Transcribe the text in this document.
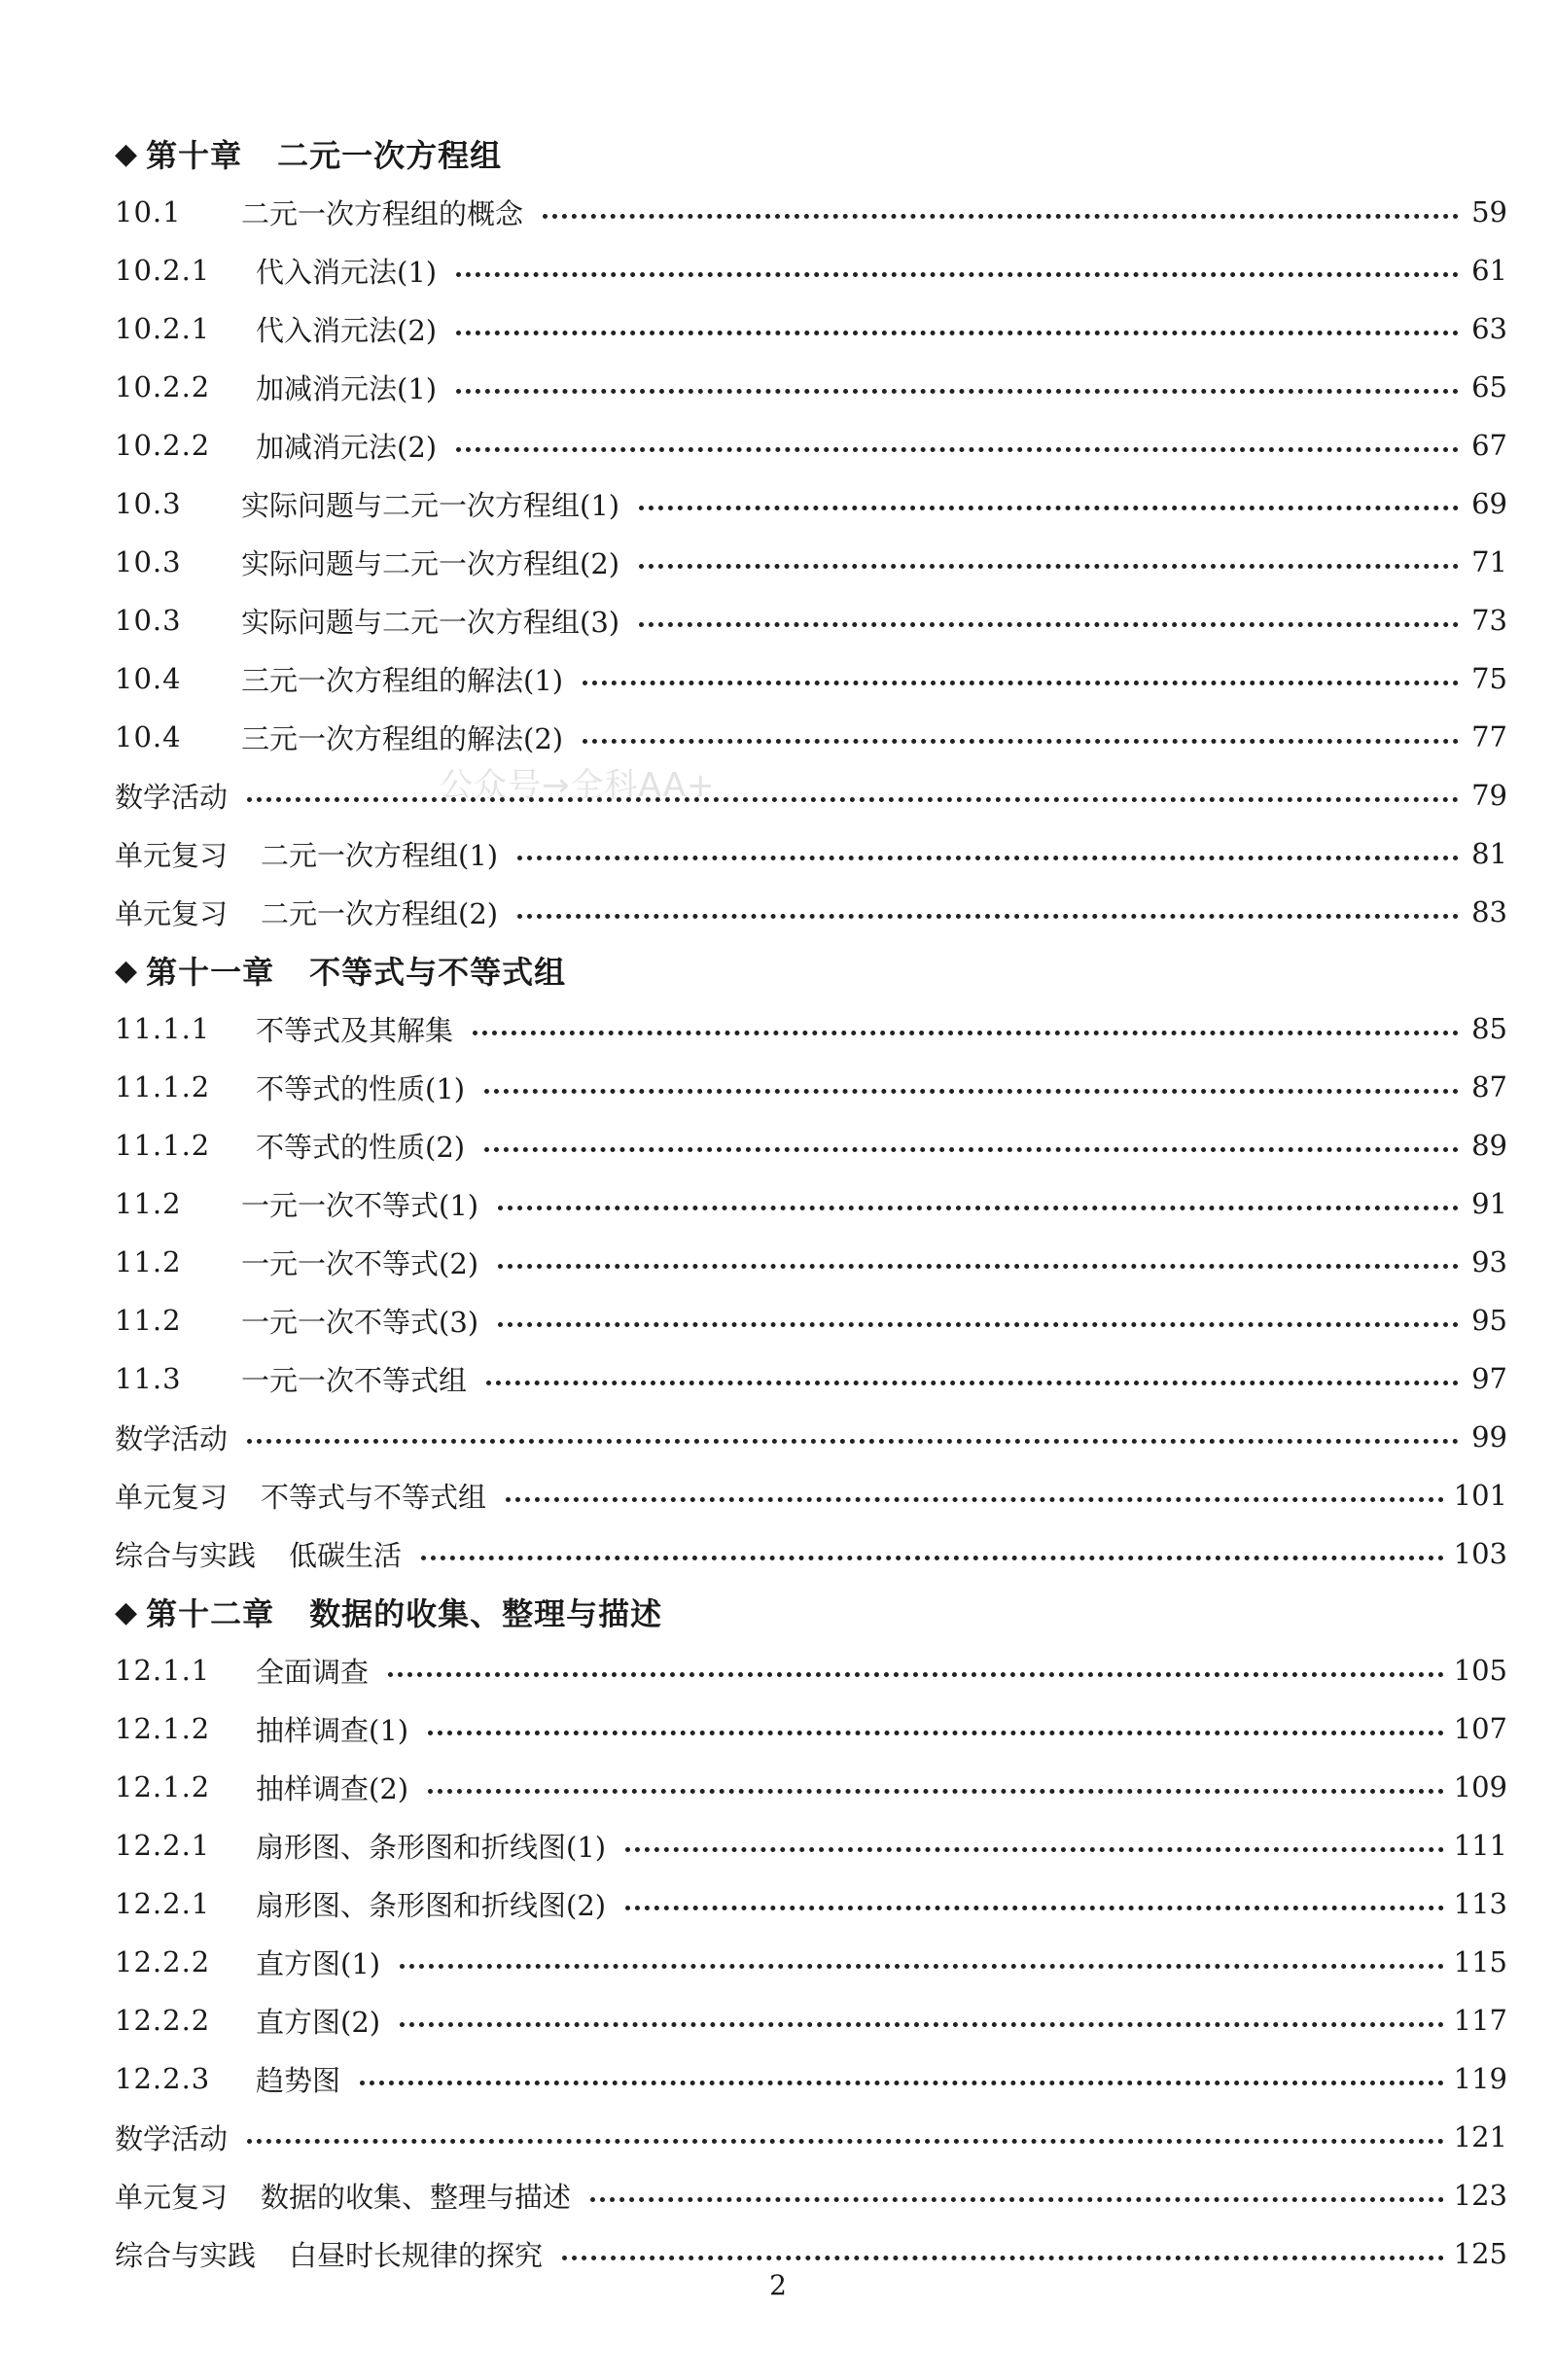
公众号→全科AA+
◆ 第十章 二元一次方程组
10.1	二元一次方程组的概念	59
10.2.1	代入消元法(1)	61
10.2.1	代入消元法(2)	63
10.2.2	加减消元法(1)	65
10.2.2	加减消元法(2)	67
10.3	实际问题与二元一次方程组(1)	69
10.3	实际问题与二元一次方程组(2)	71
10.3	实际问题与二元一次方程组(3)	73
10.4	三元一次方程组的解法(1)	75
10.4	三元一次方程组的解法(2)	77
数学活动	79
单元复习 二元一次方程组(1)	81
单元复习 二元一次方程组(2)	83
◆ 第十一章 不等式与不等式组
11.1.1	不等式及其解集	85
11.1.2	不等式的性质(1)	87
11.1.2	不等式的性质(2)	89
11.2	一元一次不等式(1)	91
11.2	一元一次不等式(2)	93
11.2	一元一次不等式(3)	95
11.3	一元一次不等式组	97
数学活动	99
单元复习 不等式与不等式组	101
综合与实践 低碳生活	103
◆ 第十二章 数据的收集、整理与描述
12.1.1	全面调查	105
12.1.2	抽样调查(1)	107
12.1.2	抽样调查(2)	109
12.2.1	扇形图、条形图和折线图(1)	111
12.2.1	扇形图、条形图和折线图(2)	113
12.2.2	直方图(1)	115
12.2.2	直方图(2)	117
12.2.3	趋势图	119
数学活动	121
单元复习 数据的收集、整理与描述	123
综合与实践 白昼时长规律的探究	125
2
